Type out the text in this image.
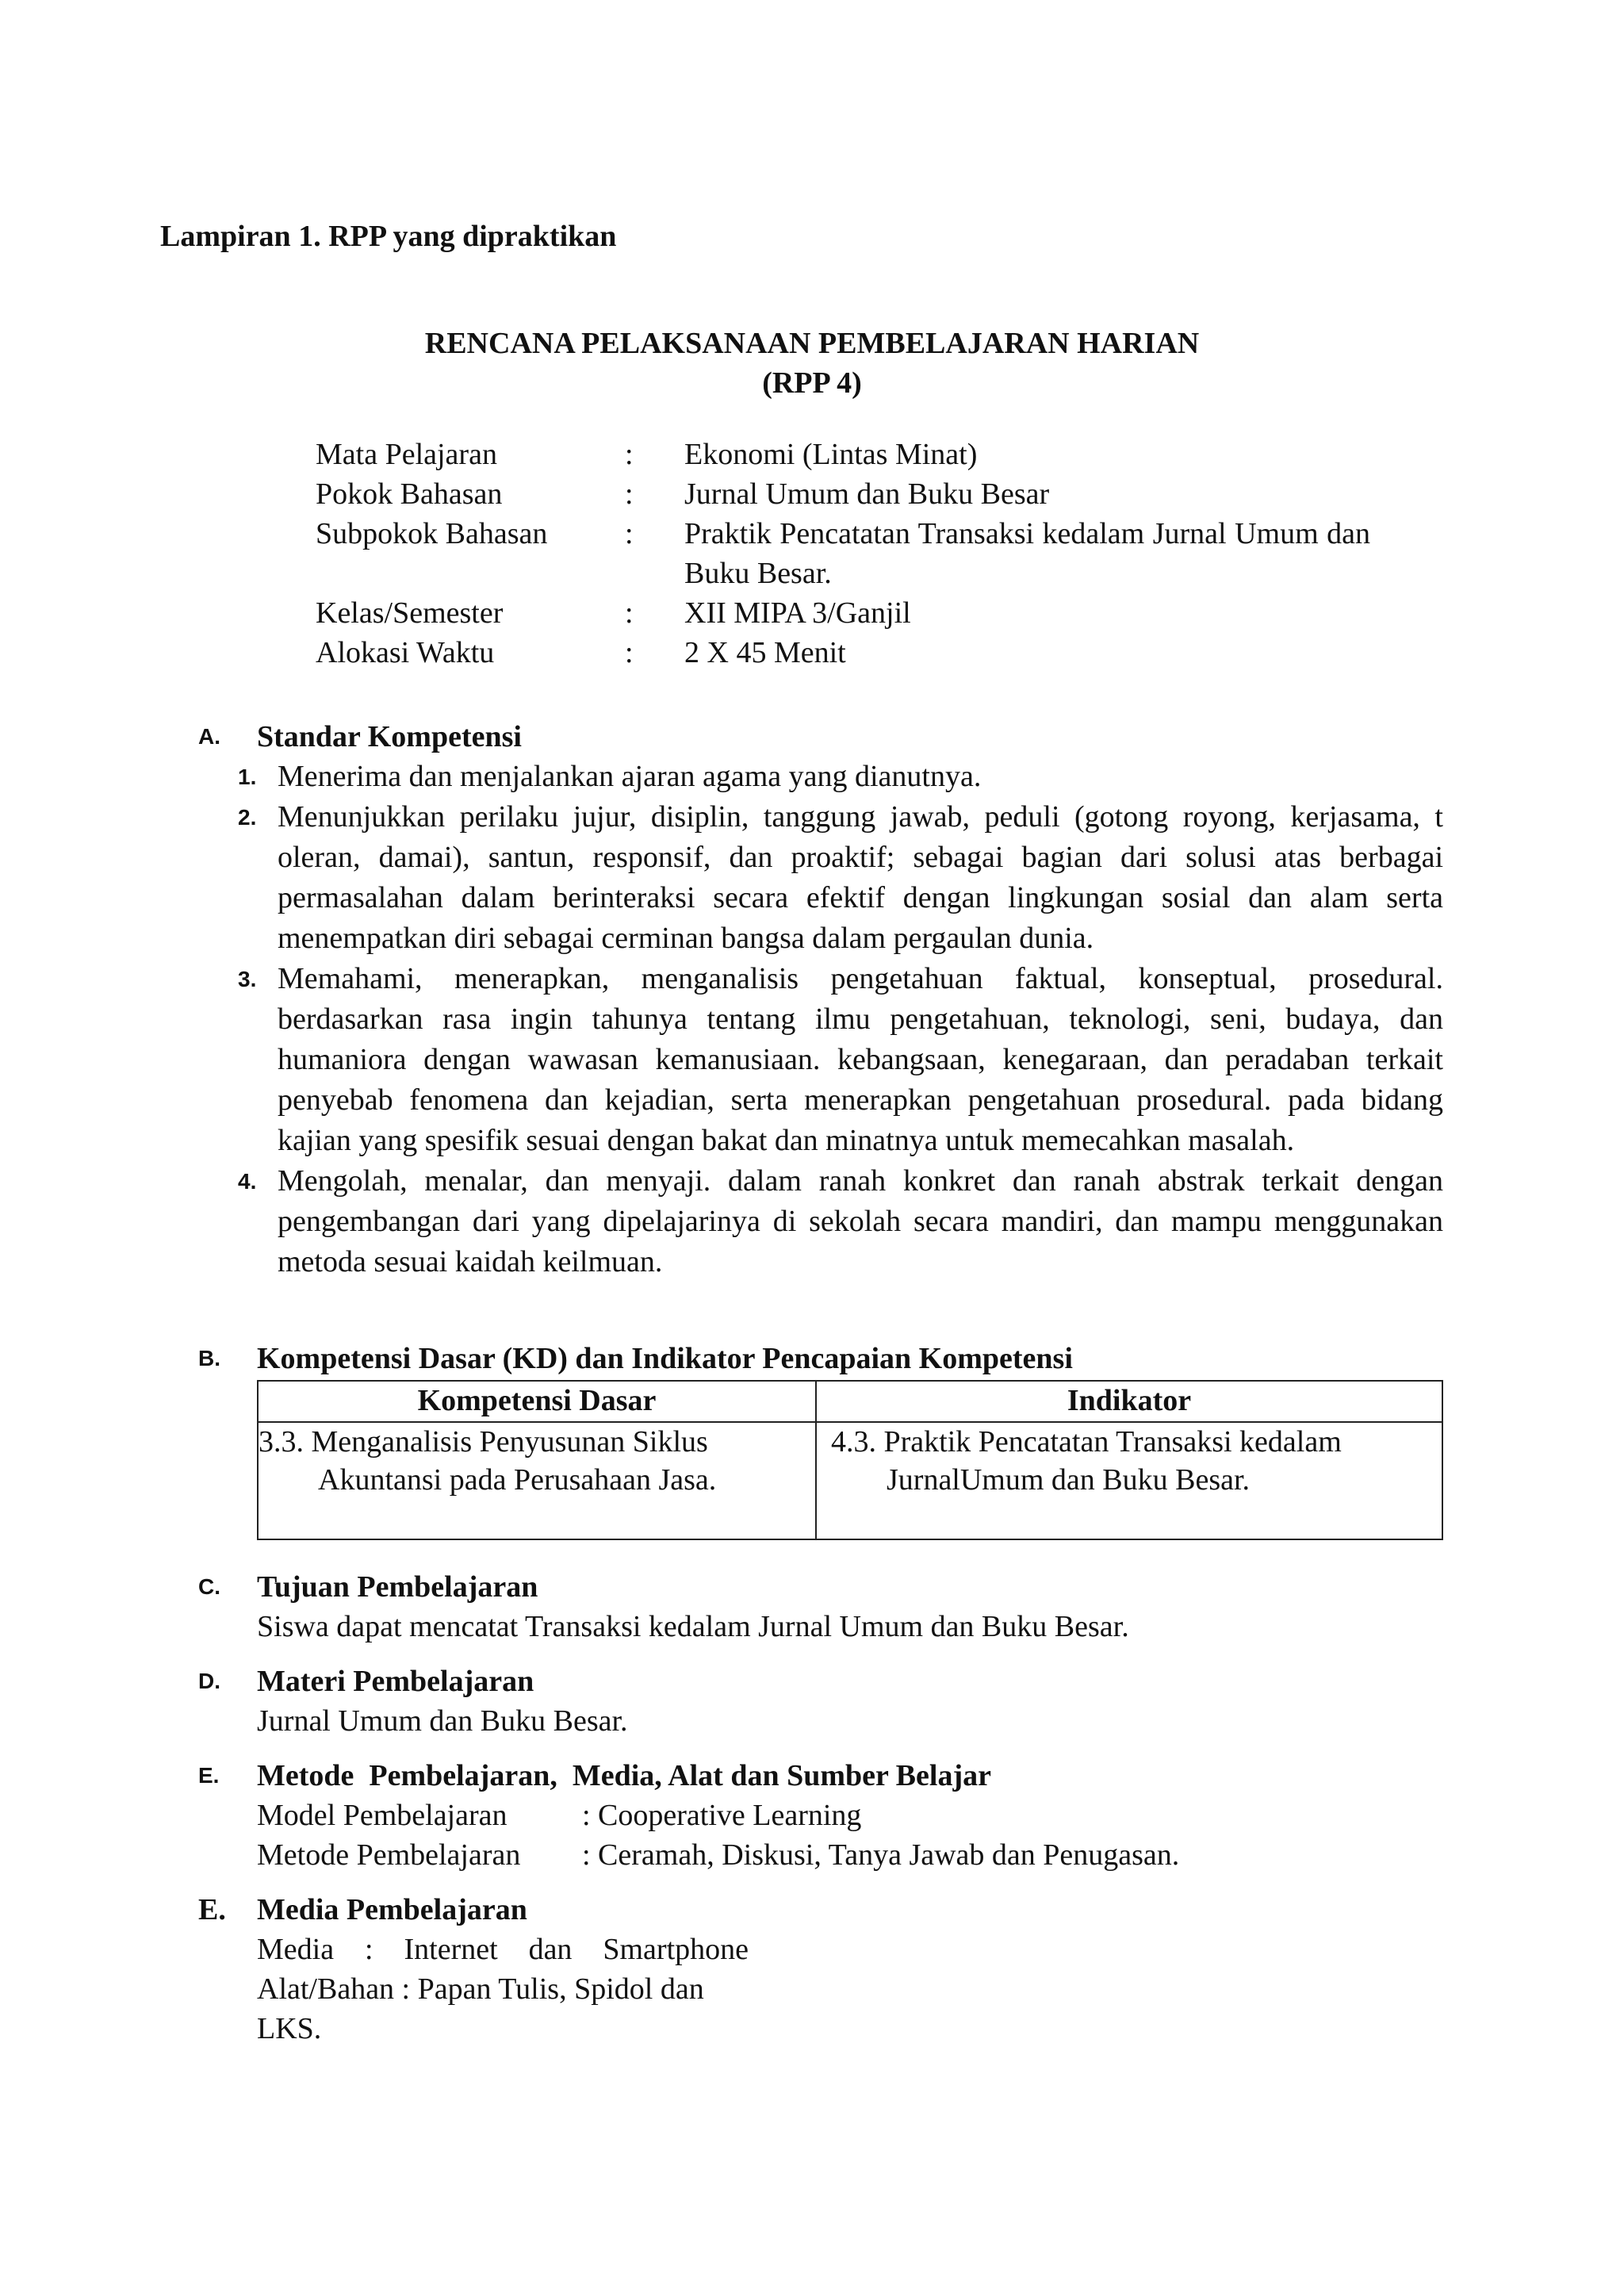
Lampiran 1. RPP yang dipraktikan
RENCANA PELAKSANAAN PEMBELAJARAN HARIAN
(RPP 4)
Mata Pelajaran	:	Ekonomi (Lintas Minat)
Pokok Bahasan	:	Jurnal Umum dan Buku Besar
Subpokok Bahasan	:	Praktik Pencatatan Transaksi kedalam Jurnal Umum dan Buku Besar.
Kelas/Semester	:	XII MIPA 3/Ganjil
Alokasi Waktu	:	2 X 45 Menit
A.	Standar Kompetensi
1. Menerima dan menjalankan ajaran agama yang dianutnya.
2. Menunjukkan perilaku jujur, disiplin, tanggung jawab, peduli (gotong royong, kerjasama, t oleran, damai), santun, responsif, dan proaktif; sebagai bagian dari solusi atas berbagai permasalahan dalam berinteraksi secara efektif dengan lingkungan sosial dan alam serta menempatkan diri sebagai cerminan bangsa dalam pergaulan dunia.
3. Memahami, menerapkan, menganalisis pengetahuan faktual, konseptual, prosedural. berdasarkan rasa ingin tahunya tentang ilmu pengetahuan, teknologi, seni, budaya, dan humaniora dengan wawasan kemanusiaan. kebangsaan, kenegaraan, dan peradaban terkait penyebab fenomena dan kejadian, serta menerapkan pengetahuan prosedural. pada bidang kajian yang spesifik sesuai dengan bakat dan minatnya untuk memecahkan masalah.
4. Mengolah, menalar, dan menyaji. dalam ranah konkret dan ranah abstrak terkait dengan pengembangan dari yang dipelajarinya di sekolah secara mandiri, dan mampu menggunakan metoda sesuai kaidah keilmuan.
B.	Kompetensi Dasar (KD) dan Indikator Pencapaian Kompetensi
Kompetensi Dasar	Indikator

3.3. Menganalisis Penyusunan Siklus Akuntansi pada Perusahaan Jasa.	4.3. Praktik Pencatatan Transaksi kedalam JurnalUmum dan Buku Besar.
C.	Tujuan Pembelajaran
Siswa dapat mencatat Transaksi kedalam Jurnal Umum dan Buku Besar.
D.	Materi Pembelajaran
Jurnal Umum dan Buku Besar.
E.	Metode  Pembelajaran,  Media, Alat dan Sumber Belajar
Model Pembelajaran	: Cooperative Learning
Metode Pembelajaran	: Ceramah, Diskusi, Tanya Jawab dan Penugasan.
E.	Media Pembelajaran
Media : Internet dan Smartphone
Alat/Bahan : Papan Tulis, Spidol dan
LKS.
